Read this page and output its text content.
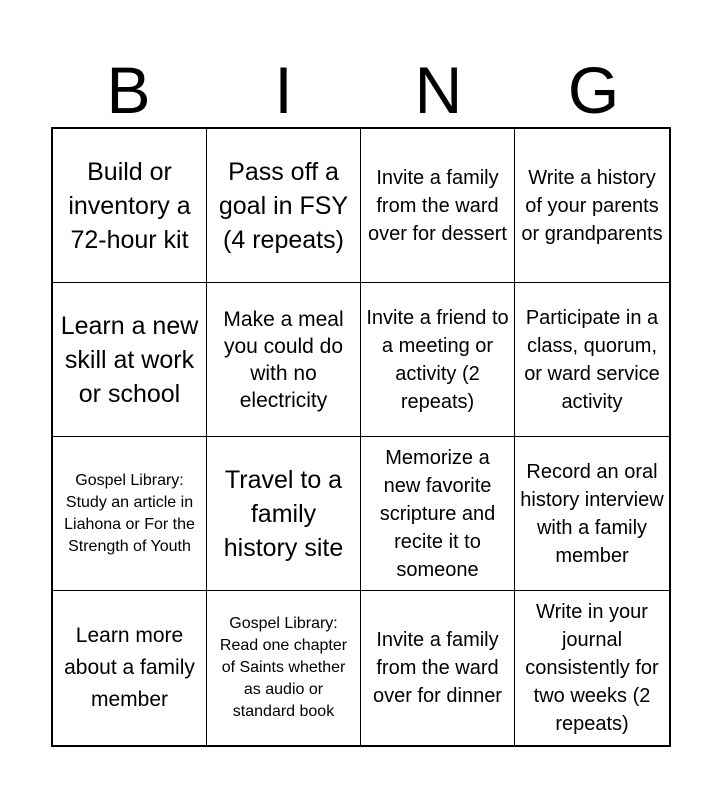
B	I	N	G
Build or inventory a 72-hour kit
Pass off a goal in FSY (4 repeats)
Invite a family from the ward over for dessert
Write a history of your parents or grandparents
Learn a new skill at work or school
Make a meal you could do with no electricity
Invite a friend to a meeting or activity (2 repeats)
Participate in a class, quorum, or ward service activity
Gospel Library: Study an article in Liahona or For the Strength of Youth
Travel to a family history site
Memorize a new favorite scripture and recite it to someone
Record an oral history interview with a family member
Learn more about a family member
Gospel Library: Read one chapter of Saints whether as audio or standard book
Invite a family from the ward over for dinner
Write in your journal consistently for two weeks (2 repeats)
